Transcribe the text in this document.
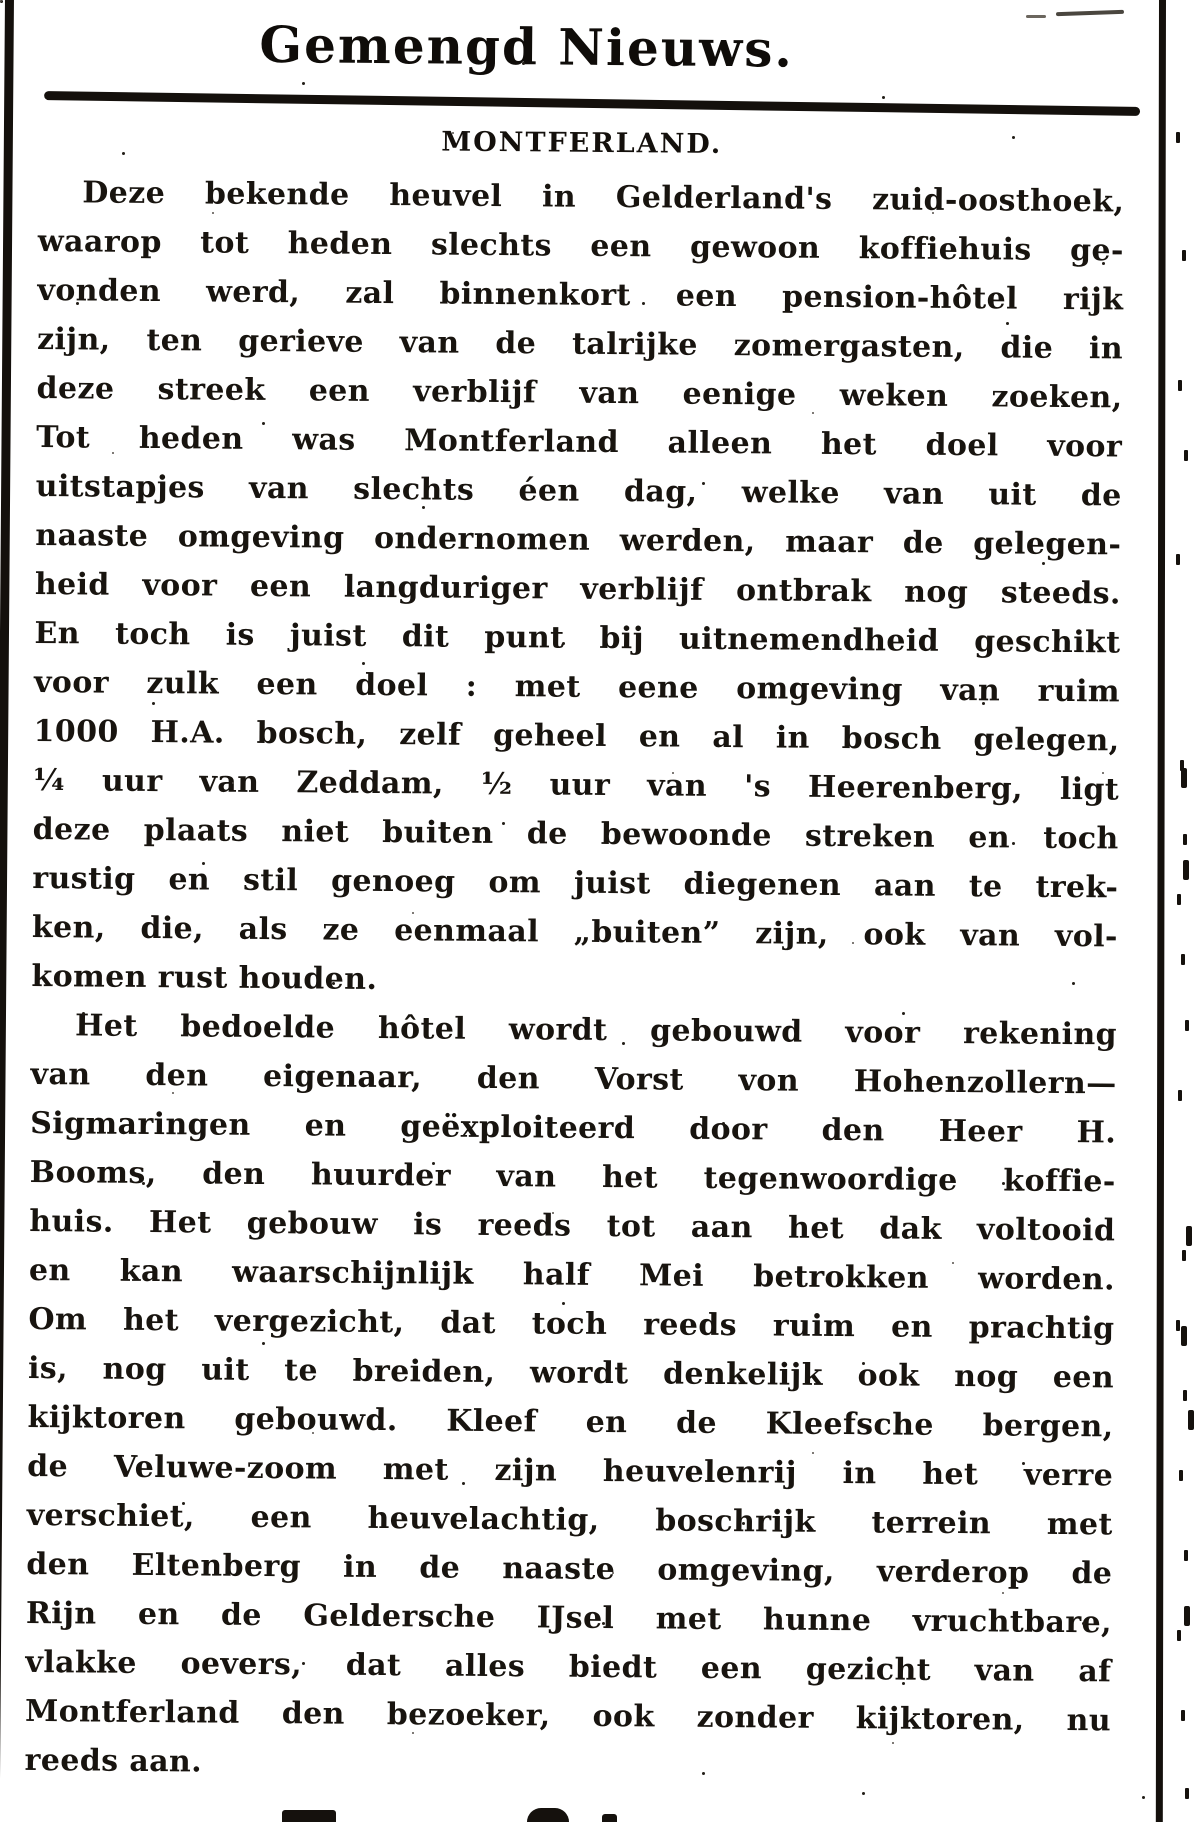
Gemengd Nieuws.
MONTFERLAND.
Deze bekende heuvel in Gelderland's zuid-oosthoek,
waarop tot heden slechts een gewoon koffiehuis ge-
vonden werd, zal binnenkort een pension-hôtel rijk
zijn, ten gerieve van de talrijke zomergasten, die in
deze streek een verblijf van eenige weken zoeken,
Tot heden was Montferland alleen het doel voor
uitstapjes van slechts éen dag, welke van uit de
naaste omgeving ondernomen werden, maar de gelegen-
heid voor een langduriger verblijf ontbrak nog steeds.
En toch is juist dit punt bij uitnemendheid geschikt
voor zulk een doel : met eene omgeving van ruim
1000 H.A. bosch, zelf geheel en al in bosch gelegen,
¼ uur van Zeddam, ½ uur van 's Heerenberg, ligt
deze plaats niet buiten de bewoonde streken en toch
rustig en stil genoeg om juist diegenen aan te trek-
ken, die, als ze eenmaal „buiten” zijn, ook van vol-
komen rust houden.
Het bedoelde hôtel wordt gebouwd voor rekening
van den eigenaar, den Vorst von Hohenzollern—
Sigmaringen en geëxploiteerd door den Heer H.
Booms, den huurder van het tegenwoordige koffie-
huis. Het gebouw is reeds tot aan het dak voltooid
en kan waarschijnlijk half Mei betrokken worden.
Om het vergezicht, dat toch reeds ruim en prachtig
is, nog uit te breiden, wordt denkelijk ook nog een
kijktoren gebouwd. Kleef en de Kleefsche bergen,
de Veluwe-zoom met zijn heuvelenrij in het verre
verschiet, een heuvelachtig, boschrijk terrein met
den Eltenberg in de naaste omgeving, verderop de
Rijn en de Geldersche IJsel met hunne vruchtbare,
vlakke oevers, dat alles biedt een gezicht van af
Montferland den bezoeker, ook zonder kijktoren, nu
reeds aan.
